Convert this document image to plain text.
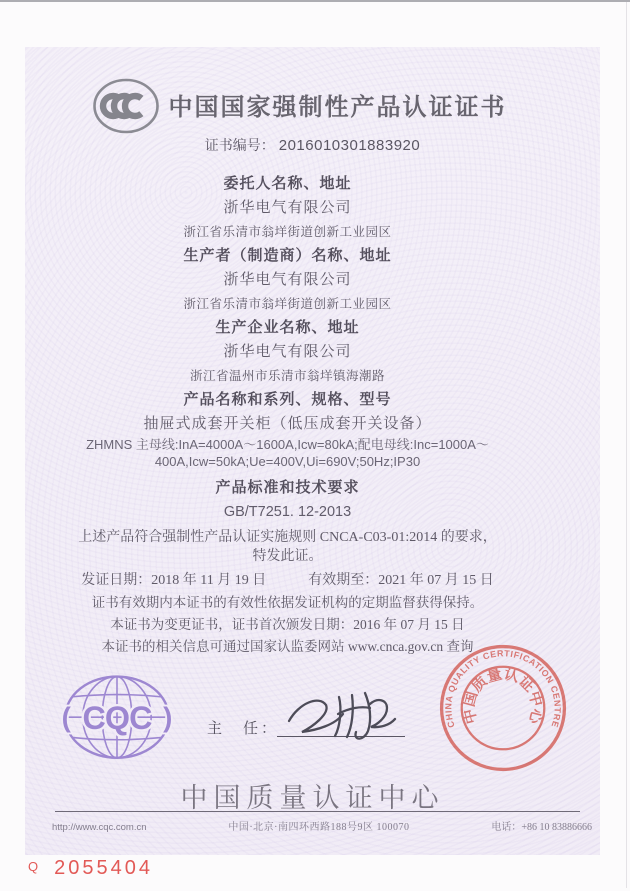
中国国家强制性产品认证证书
证书编号： 2016010301883920

委托人名称、地址

浙华电气有限公司

浙江省乐清市翁垟街道创新工业园区

生产者（制造商）名称、地址

浙华电气有限公司

浙江省乐清市翁垟街道创新工业园区

生产企业名称、地址

浙华电气有限公司

浙江省温州市乐清市翁垟镇海潮路

产品名称和系列、规格、型号

抽屉式成套开关柜（低压成套开关设备）

ZHMNS 主母线:InA=4000A～1600A,Icw=80kA;配电母线:Inc=1000A～

400A,Icw=50kA;Ue=400V,Ui=690V;50Hz;IP30

产品标准和技术要求

GB/T7251. 12-2013

上述产品符合强制性产品认证实施规则 CNCA-C03-01:2014 的要求，

特发此证。

发证日期：2018 年 11 月 19 日	有效期至：2021 年 07 月 15 日

证书有效期内本证书的有效性依据发证机构的定期监督获得保持。

本证书为变更证书，证书首次颁发日期：2016 年 07 月 15 日

本证书的相关信息可通过国家认监委网站 www.cnca.gov.cn 查询

( CQC ) 主　任：	CHINA QUALITY CERTIFICATION CENTRE
中国质量认证中心
中国质量认证中心
http://www.cqc.com.cn	中国·北京·南四环西路188号9区 100070	电话：+86 10 83886666
Q 2055404
